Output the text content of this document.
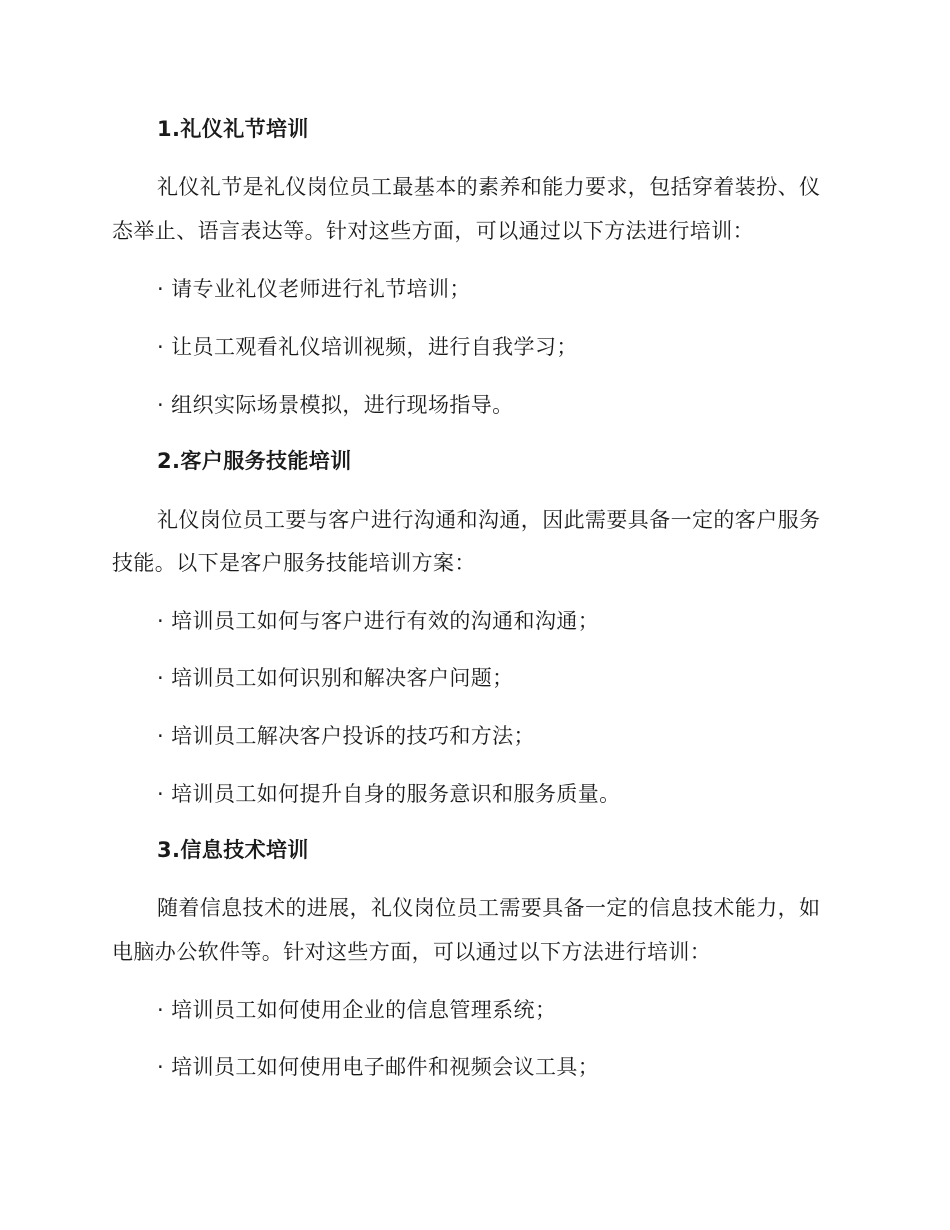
1.礼仪礼节培训
礼仪礼节是礼仪岗位员工最基本的素养和能力要求，包括穿着装扮、仪
态举止、语言表达等。针对这些方面，可以通过以下方法进行培训：
· 请专业礼仪老师进行礼节培训；
· 让员工观看礼仪培训视频，进行自我学习；
· 组织实际场景模拟，进行现场指导。
2.客户服务技能培训
礼仪岗位员工要与客户进行沟通和沟通，因此需要具备一定的客户服务
技能。以下是客户服务技能培训方案：
· 培训员工如何与客户进行有效的沟通和沟通；
· 培训员工如何识别和解决客户问题；
· 培训员工解决客户投诉的技巧和方法；
· 培训员工如何提升自身的服务意识和服务质量。
3.信息技术培训
随着信息技术的进展，礼仪岗位员工需要具备一定的信息技术能力，如
电脑办公软件等。针对这些方面，可以通过以下方法进行培训：
· 培训员工如何使用企业的信息管理系统；
· 培训员工如何使用电子邮件和视频会议工具；
